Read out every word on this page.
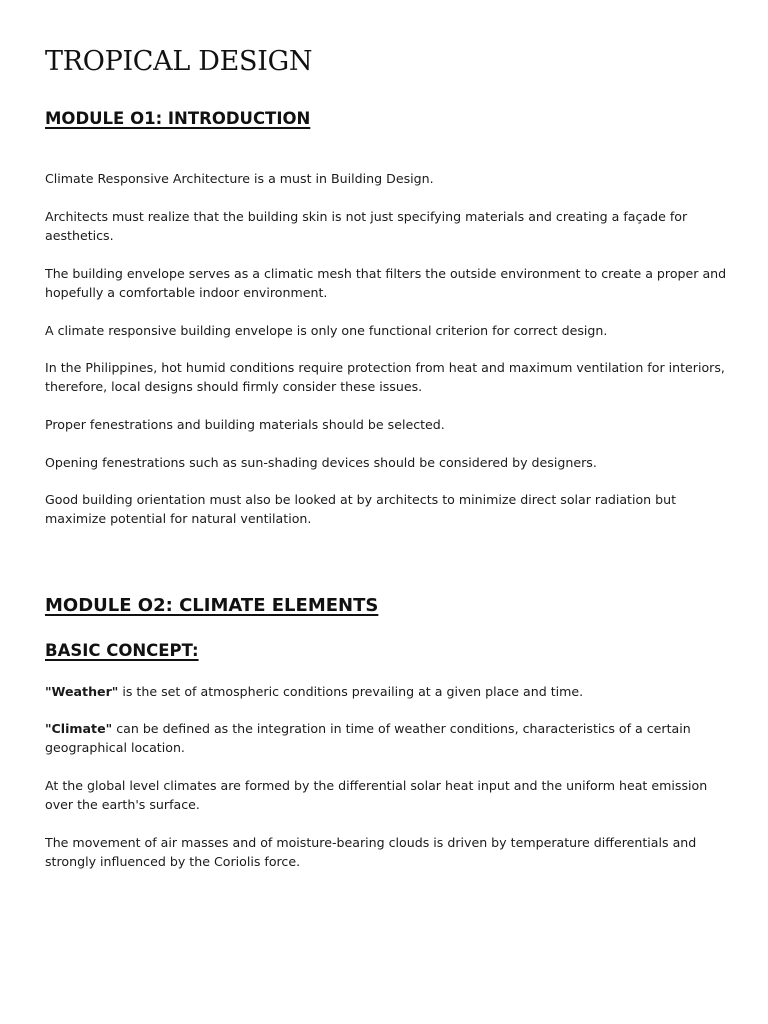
TROPICAL DESIGN
MODULE O1: INTRODUCTION

Climate Responsive Architecture is a must in Building Design.

Architects must realize that the building skin is not just specifying materials and creating a façade for aesthetics.

The building envelope serves as a climatic mesh that filters the outside environment to create a proper and hopefully a comfortable indoor environment.

A climate responsive building envelope is only one functional criterion for correct design.

In the Philippines, hot humid conditions require protection from heat and maximum ventilation for interiors, therefore, local designs should firmly consider these issues.

Proper fenestrations and building materials should be selected.

Opening fenestrations such as sun-shading devices should be considered by designers.

Good building orientation must also be looked at by architects to minimize direct solar radiation but maximize potential for natural ventilation.

MODULE O2: CLIMATE ELEMENTS
BASIC CONCEPT:

"Weather" is the set of atmospheric conditions prevailing at a given place and time.

"Climate" can be defined as the integration in time of weather conditions, characteristics of a certain geographical location.

At the global level climates are formed by the differential solar heat input and the uniform heat emission over the earth's surface.

The movement of air masses and of moisture-bearing clouds is driven by temperature differentials and strongly influenced by the Coriolis force.
